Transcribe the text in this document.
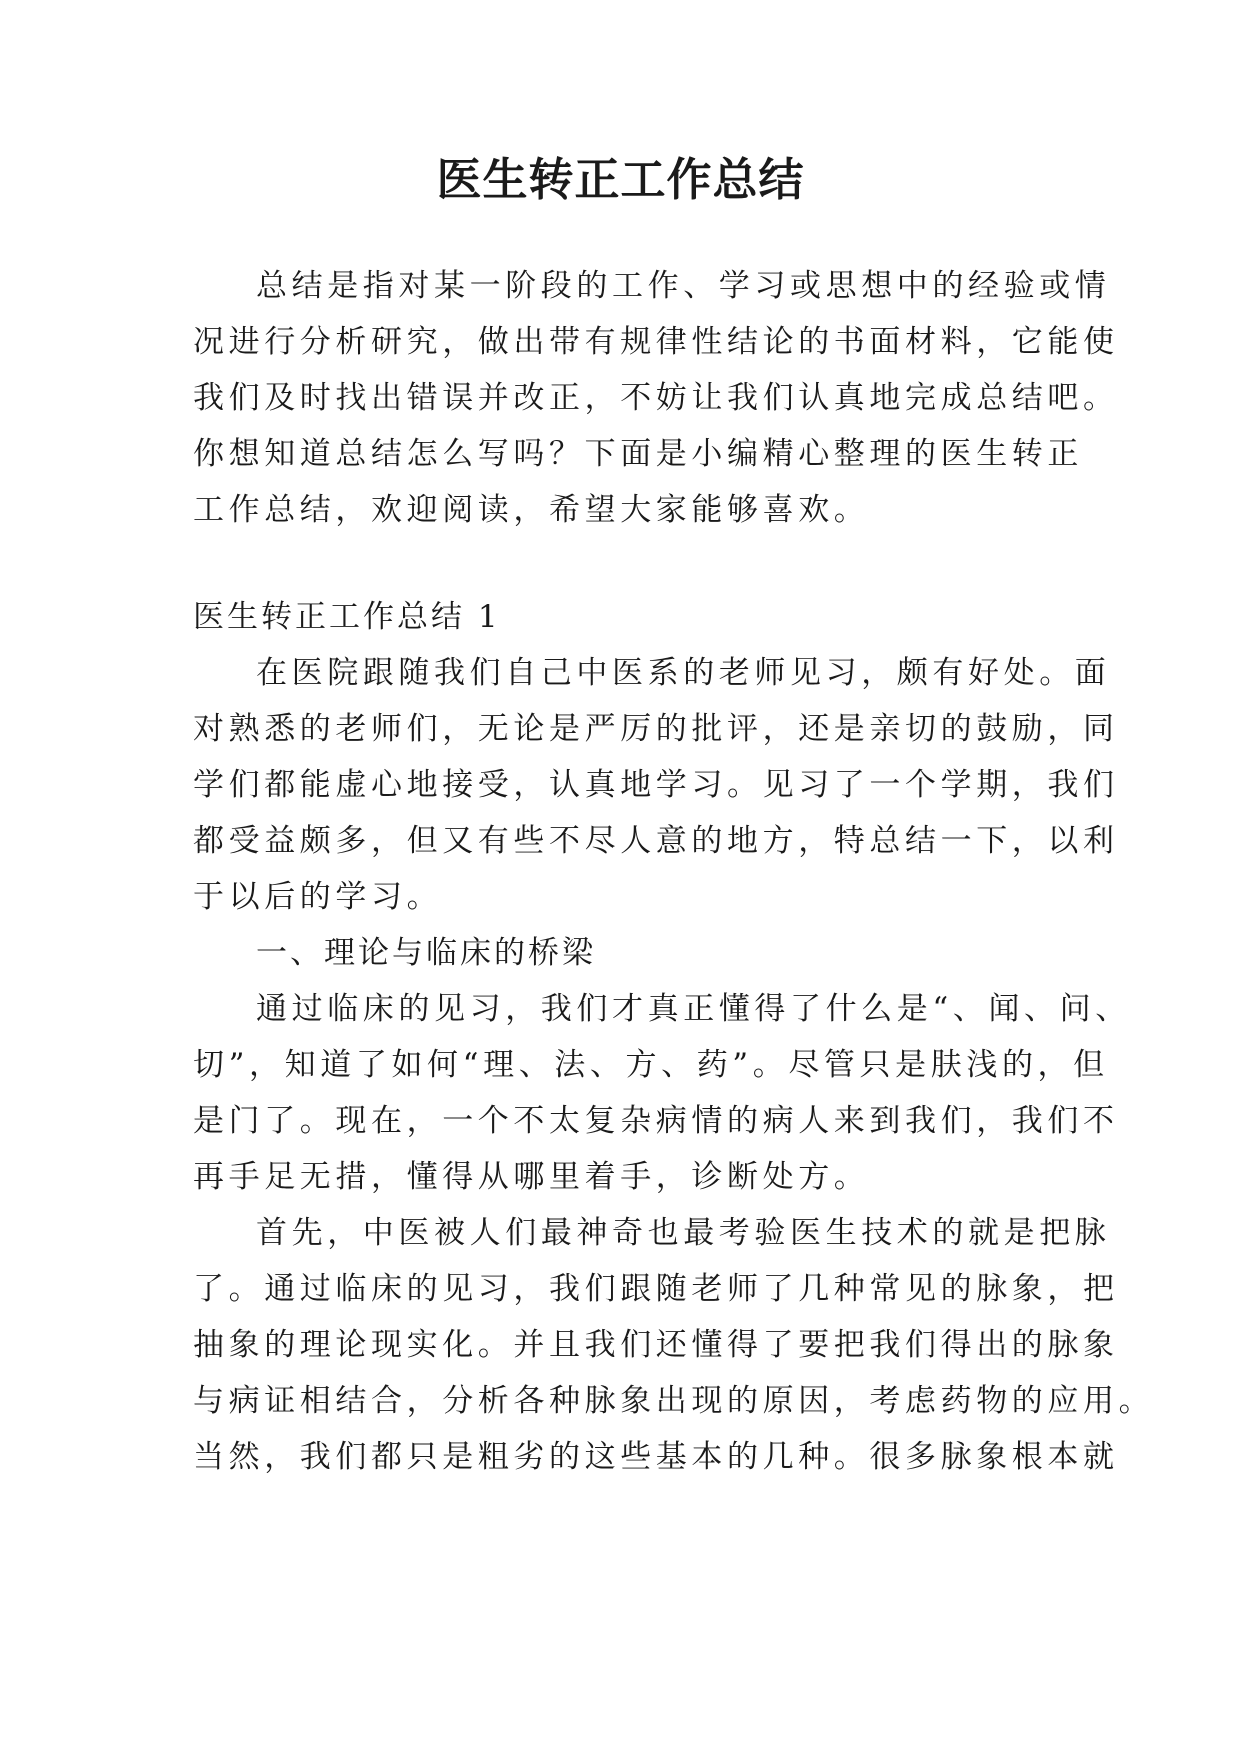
医生转正工作总结

总结是指对某一阶段的工作、学习或思想中的经验或情

况进行分析研究，做出带有规律性结论的书面材料，它能使

我们及时找出错误并改正，不妨让我们认真地完成总结吧。

你想知道总结怎么写吗？下面是小编精心整理的医生转正

工作总结，欢迎阅读，希望大家能够喜欢。

医生转正工作总结 1

在医院跟随我们自己中医系的老师见习，颇有好处。面

对熟悉的老师们，无论是严厉的批评，还是亲切的鼓励，同

学们都能虚心地接受，认真地学习。见习了一个学期，我们

都受益颇多，但又有些不尽人意的地方，特总结一下，以利

于以后的学习。

一、理论与临床的桥梁

通过临床的见习，我们才真正懂得了什么是“、闻、问、

切”，知道了如何“理、法、方、药”。尽管只是肤浅的，但

是门了。现在，一个不太复杂病情的病人来到我们，我们不

再手足无措，懂得从哪里着手，诊断处方。

首先，中医被人们最神奇也最考验医生技术的就是把脉

了。通过临床的见习，我们跟随老师了几种常见的脉象，把

抽象的理论现实化。并且我们还懂得了要把我们得出的脉象

与病证相结合，分析各种脉象出现的原因，考虑药物的应用。

当然，我们都只是粗劣的这些基本的几种。很多脉象根本就
